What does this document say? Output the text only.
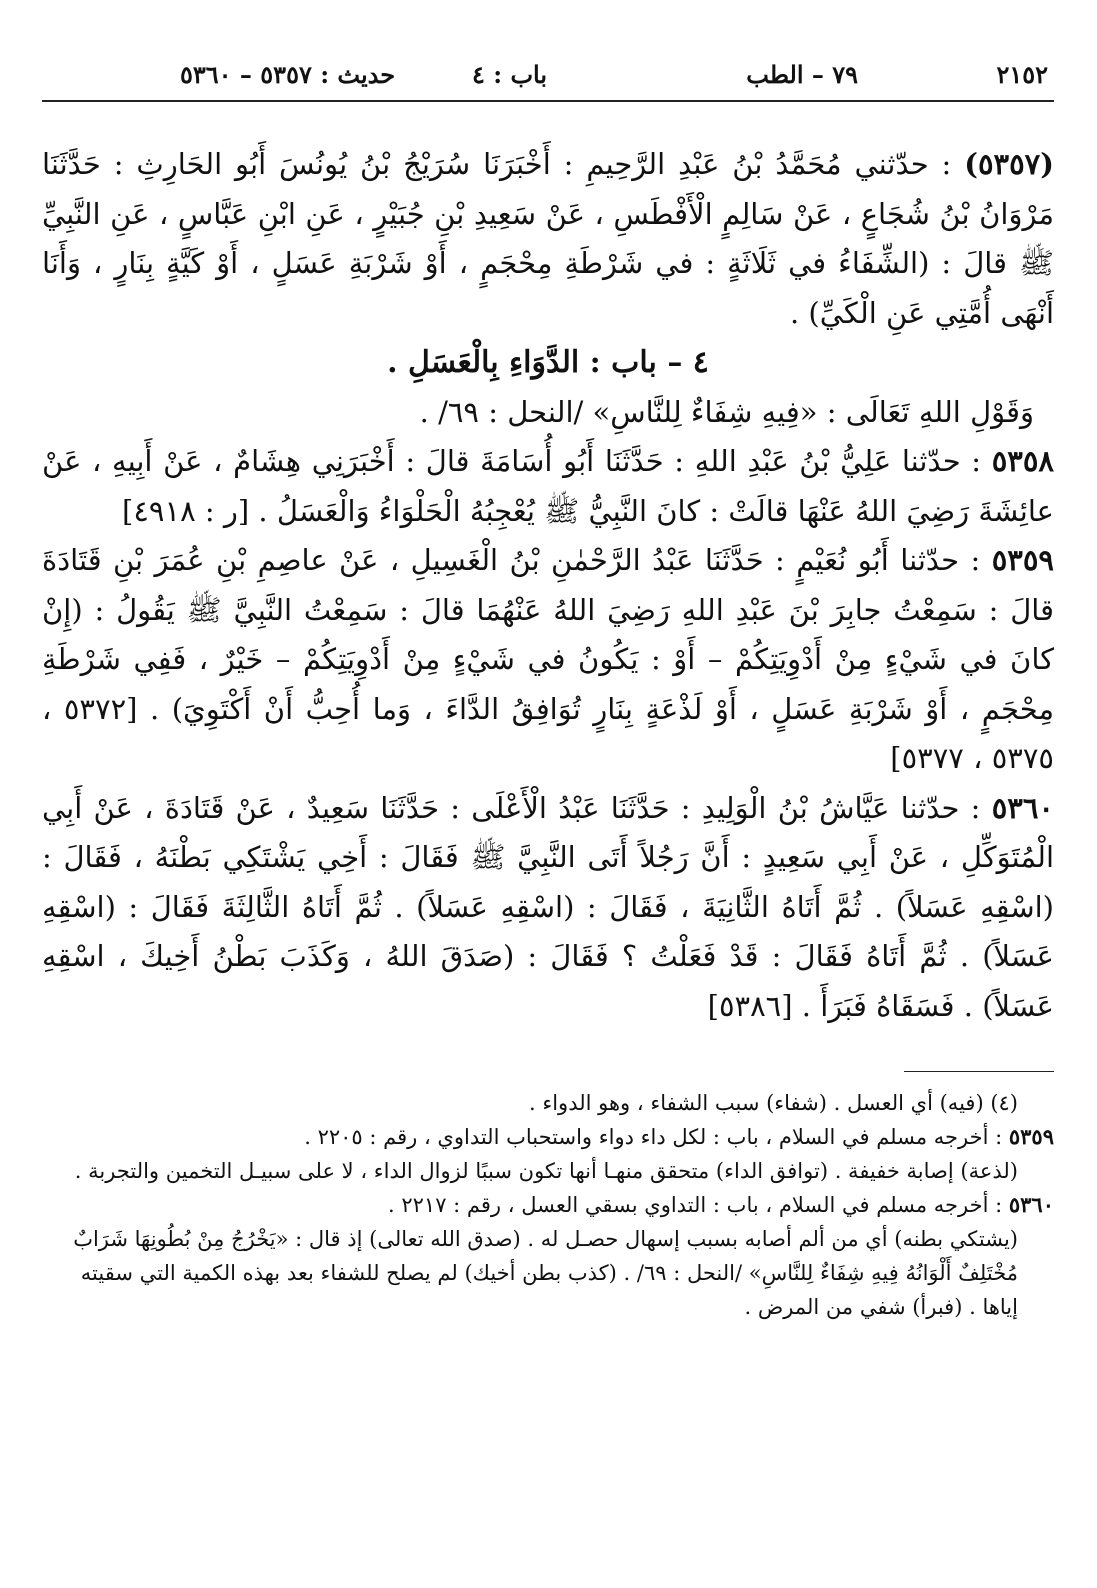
٢١٥٢
٧٩ – الطب
باب : ٤
حديث : ٥٣٥٧ – ٥٣٦٠

(٥٣٥٧) : حدّثني مُحَمَّدُ بْنُ عَبْدِ الرَّحِيمِ : أَخْبَرَنَا سُرَيْجُ بْنُ يُونُسَ أَبُو الحَارِثِ : حَدَّثَنَا مَرْوَانُ بْنُ شُجَاعٍ ، عَنْ سَالِمٍ الْأَفْطَسِ ، عَنْ سَعِيدِ بْنِ جُبَيْرٍ ، عَنِ ابْنِ عَبَّاسٍ ، عَنِ النَّبِيِّ ﷺ قالَ : (الشِّفَاءُ في ثَلَاثَةٍ : في شَرْطَةِ مِحْجَمٍ ، أَوْ شَرْبَةِ عَسَلٍ ، أَوْ كَيَّةٍ بِنَارٍ ، وَأَنَا أَنْهَى أُمَّتِي عَنِ الْكَيِّ) .

٤ – باب : الدَّوَاءِ بِالْعَسَلِ .

وَقَوْلِ اللهِ تَعَالَى : «فِيهِ شِفَاءٌ لِلنَّاسِ» /النحل : ٦٩/ .

٥٣٥٨ : حدّثنا عَلِيُّ بْنُ عَبْدِ اللهِ : حَدَّثَنَا أَبُو أُسَامَةَ قالَ : أَخْبَرَنِي هِشَامٌ ، عَنْ أَبِيهِ ، عَنْ عائِشَةَ رَضِيَ اللهُ عَنْهَا قالَتْ : كانَ النَّبِيُّ ﷺ يُعْجِبُهُ الْحَلْوَاءُ وَالْعَسَلُ . [ر : ٤٩١٨]

٥٣٥٩ : حدّثنا أَبُو نُعَيْمٍ : حَدَّثَنَا عَبْدُ الرَّحْمٰنِ بْنُ الْغَسِيلِ ، عَنْ عاصِمِ بْنِ عُمَرَ بْنِ قَتَادَةَ قالَ : سَمِعْتُ جابِرَ بْنَ عَبْدِ اللهِ رَضِيَ اللهُ عَنْهُمَا قالَ : سَمِعْتُ النَّبِيَّ ﷺ يَقُولُ : (إِنْ كانَ في شَيْءٍ مِنْ أَدْوِيَتِكُمْ – أَوْ : يَكُونُ في شَيْءٍ مِنْ أَدْوِيَتِكُمْ – خَيْرٌ ، فَفِي شَرْطَةِ مِحْجَمٍ ، أَوْ شَرْبَةِ عَسَلٍ ، أَوْ لَذْعَةٍ بِنَارٍ تُوَافِقُ الدَّاءَ ، وَما أُحِبُّ أَنْ أَكْتَوِيَ) . [٥٣٧٢ ، ٥٣٧٥ ، ٥٣٧٧]

٥٣٦٠ : حدّثنا عَيَّاشُ بْنُ الْوَلِيدِ : حَدَّثَنَا عَبْدُ الْأَعْلَى : حَدَّثَنَا سَعِيدٌ ، عَنْ قَتَادَةَ ، عَنْ أَبِي الْمُتَوَكِّلِ ، عَنْ أَبِي سَعِيدٍ : أَنَّ رَجُلاً أَتَى النَّبِيَّ ﷺ فَقَالَ : أَخِي يَشْتَكِي بَطْنَهُ ، فَقَالَ : (اسْقِهِ عَسَلاً) . ثُمَّ أَتَاهُ الثَّانِيَةَ ، فَقَالَ : (اسْقِهِ عَسَلاً) . ثُمَّ أَتَاهُ الثَّالِثَةَ فَقَالَ : (اسْقِهِ عَسَلاً) . ثُمَّ أَتَاهُ فَقَالَ : قَدْ فَعَلْتُ ؟ فَقَالَ : (صَدَقَ اللهُ ، وَكَذَبَ بَطْنُ أَخِيكَ ، اسْقِهِ عَسَلاً) . فَسَقَاهُ فَبَرَأَ . [٥٣٨٦]

(٤) (فيه) أي العسل . (شفاء) سبب الشفاء ، وهو الدواء .

٥٣٥٩ : أخرجه مسلم في السلام ، باب : لكل داء دواء واستحباب التداوي ، رقم : ٢٢٠٥ .

(لذعة) إصابة خفيفة . (توافق الداء) متحقق منهـا أنها تكون سببًا لزوال الداء ، لا على سبيـل التخمين والتجربة .

٥٣٦٠ : أخرجه مسلم في السلام ، باب : التداوي بسقي العسل ، رقم : ٢٢١٧ .

(يشتكي بطنه) أي من ألم أصابه بسبب إسهال حصـل له . (صدق الله تعالى) إذ قال : «يَخْرُجُ مِنْ بُطُونِهَا شَرَابٌ مُخْتَلِفٌ أَلْوَانُهُ فِيهِ شِفَاءٌ لِلنَّاسِ» /النحل : ٦٩/ . (كذب بطن أخيك) لم يصلح للشفاء بعد بهذه الكمية التي سقيته إياها . (فبرأ) شفي من المرض .
